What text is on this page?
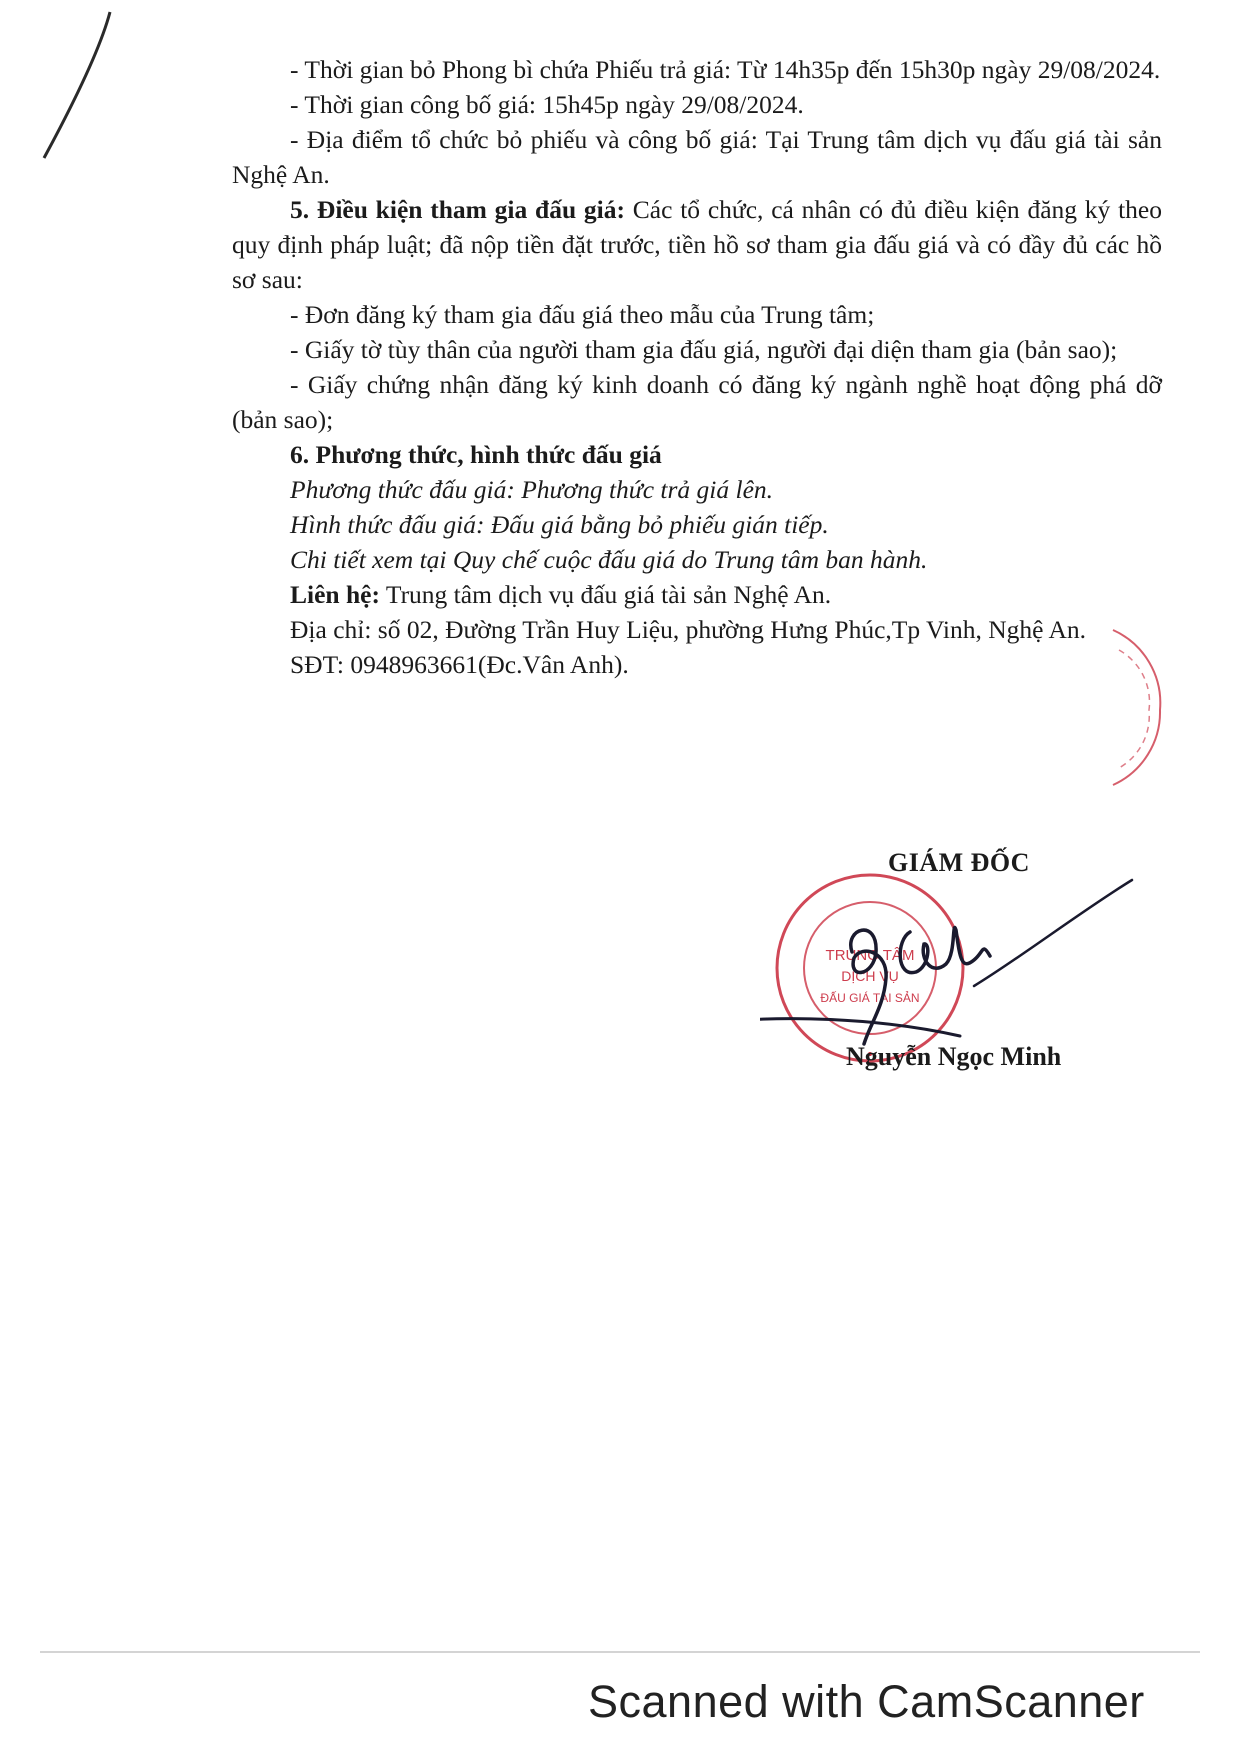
- Thời gian bỏ Phong bì chứa Phiếu trả giá: Từ 14h35p đến 15h30p ngày 29/08/2024.

- Thời gian công bố giá: 15h45p ngày 29/08/2024.

- Địa điểm tổ chức bỏ phiếu và công bố giá: Tại Trung tâm dịch vụ đấu giá tài sản Nghệ An.

5. Điều kiện tham gia đấu giá: Các tổ chức, cá nhân có đủ điều kiện đăng ký theo quy định pháp luật; đã nộp tiền đặt trước, tiền hồ sơ tham gia đấu giá và có đầy đủ các hồ sơ sau:

- Đơn đăng ký tham gia đấu giá theo mẫu của Trung tâm;

- Giấy tờ tùy thân của người tham gia đấu giá, người đại diện tham gia (bản sao);

- Giấy chứng nhận đăng ký kinh doanh có đăng ký ngành nghề hoạt động phá dỡ (bản sao);

6. Phương thức, hình thức đấu giá

Phương thức đấu giá: Phương thức trả giá lên.

Hình thức đấu giá: Đấu giá bằng bỏ phiếu gián tiếp.

Chi tiết xem tại Quy chế cuộc đấu giá do Trung tâm ban hành.

Liên hệ: Trung tâm dịch vụ đấu giá tài sản Nghệ An.

Địa chỉ: số 02, Đường Trần Huy Liệu, phường Hưng Phúc,Tp Vinh, Nghệ An.

SĐT: 0948963661(Đc.Vân Anh).

TRUNG TÂM
DỊCH VỤ
ĐẤU GIÁ TÀI SẢN
GIÁM ĐỐC
Nguyễn Ngọc Minh
Scanned with CamScanner
